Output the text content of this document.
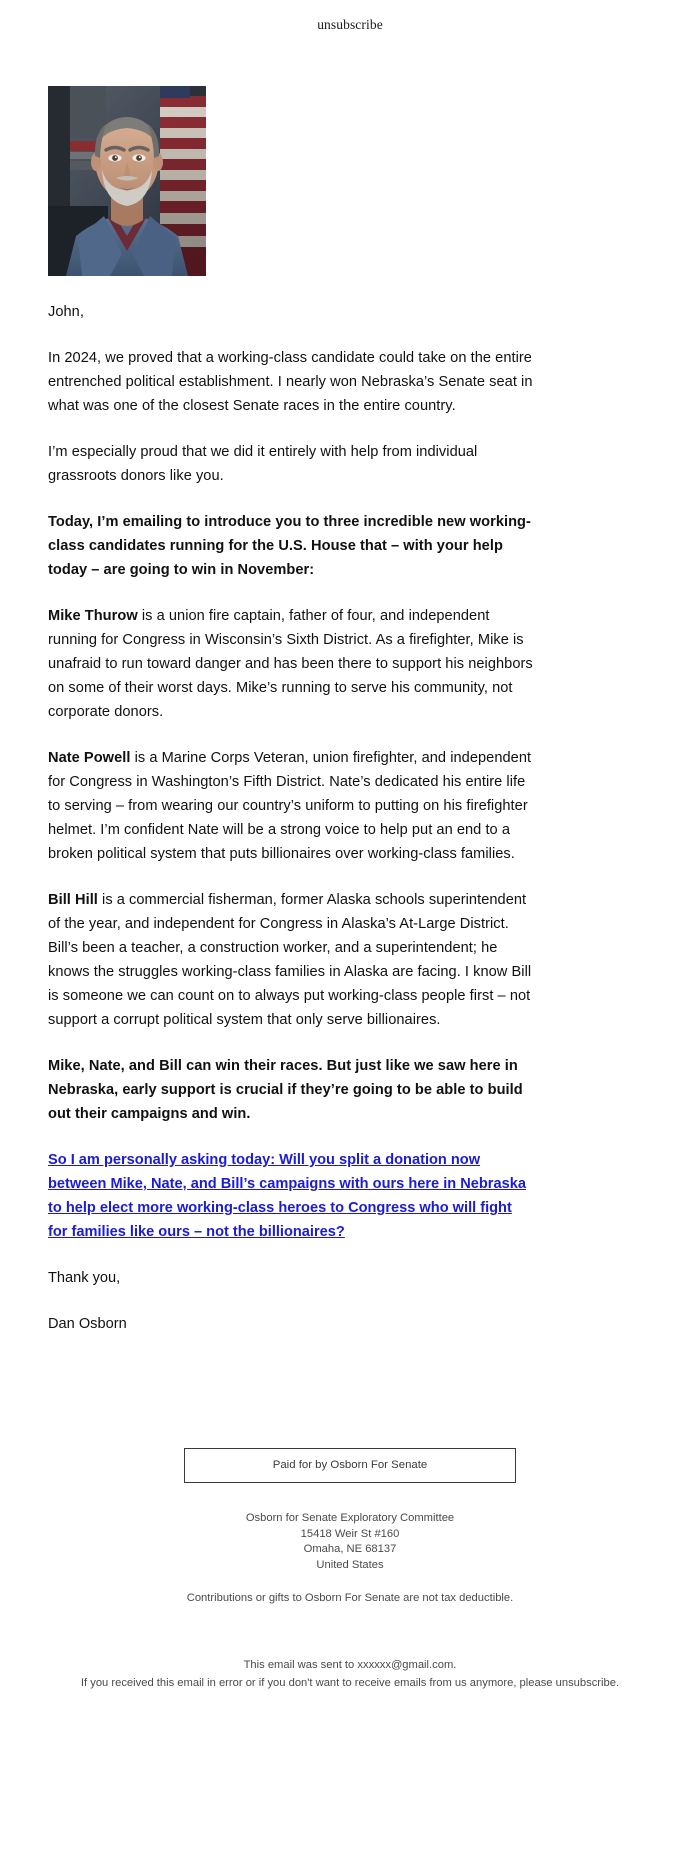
unsubscribe

John,

In 2024, we proved that a working-class candidate could take on the entire entrenched political establishment. I nearly won Nebraska’s Senate seat in what was one of the closest Senate races in the entire country.

I’m especially proud that we did it entirely with help from individual grassroots donors like you.

Today, I’m emailing to introduce you to three incredible new working-class candidates running for the U.S. House that – with your help today – are going to win in November:

Mike Thurow is a union fire captain, father of four, and independent running for Congress in Wisconsin’s Sixth District. As a firefighter, Mike is unafraid to run toward danger and has been there to support his neighbors on some of their worst days. Mike’s running to serve his community, not corporate donors.

Nate Powell is a Marine Corps Veteran, union firefighter, and independent for Congress in Washington’s Fifth District. Nate’s dedicated his entire life to serving – from wearing our country’s uniform to putting on his firefighter helmet. I’m confident Nate will be a strong voice to help put an end to a broken political system that puts billionaires over working-class families.

Bill Hill is a commercial fisherman, former Alaska schools superintendent of the year, and independent for Congress in Alaska’s At-Large District. Bill’s been a teacher, a construction worker, and a superintendent; he knows the struggles working-class families in Alaska are facing. I know Bill is someone we can count on to always put working-class people first – not support a corrupt political system that only serve billionaires.

Mike, Nate, and Bill can win their races. But just like we saw here in Nebraska, early support is crucial if they’re going to be able to build out their campaigns and win.

So I am personally asking today: Will you split a donation now between Mike, Nate, and Bill’s campaigns with ours here in Nebraska to help elect more working-class heroes to Congress who will fight for families like ours – not the billionaires?

Thank you,

Dan Osborn

Paid for by Osborn For Senate
Osborn for Senate Exploratory Committee
15418 Weir St #160
Omaha, NE 68137
United States
Contributions or gifts to Osborn For Senate are not tax deductible.
This email was sent to xxxxxx@gmail.com.
If you received this email in error or if you don't want to receive emails from us anymore, please unsubscribe.
